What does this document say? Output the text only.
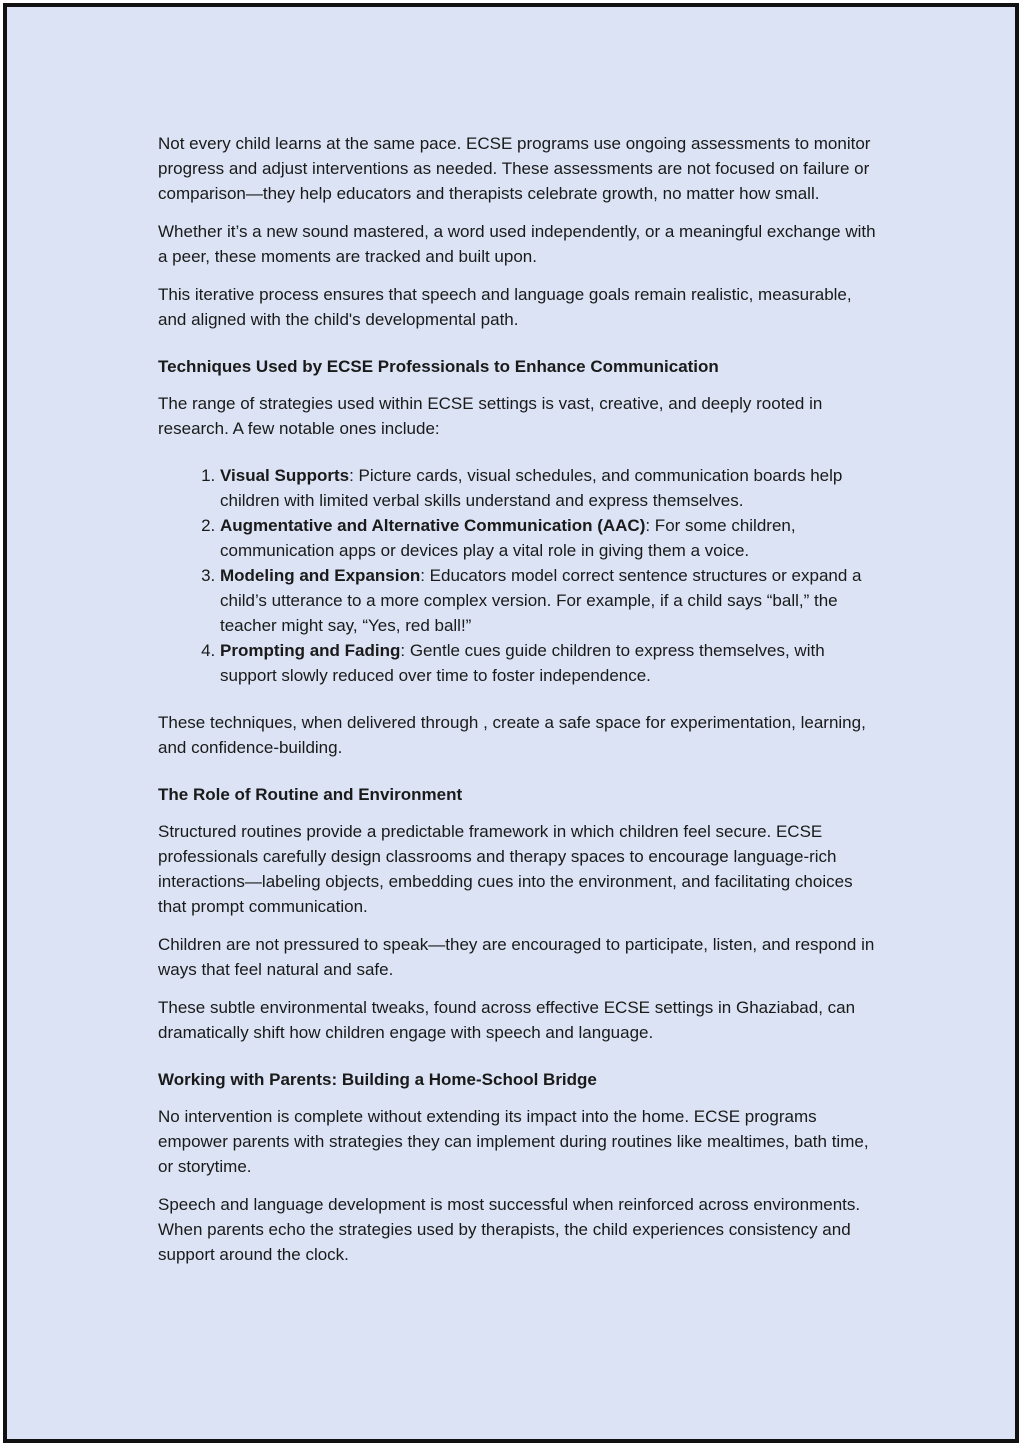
Not every child learns at the same pace. ECSE programs use ongoing assessments to monitor progress and adjust interventions as needed. These assessments are not focused on failure or comparison—they help educators and therapists celebrate growth, no matter how small.

Whether it’s a new sound mastered, a word used independently, or a meaningful exchange with a peer, these moments are tracked and built upon.

This iterative process ensures that speech and language goals remain realistic, measurable, and aligned with the child's developmental path.

Techniques Used by ECSE Professionals to Enhance Communication

The range of strategies used within ECSE settings is vast, creative, and deeply rooted in research. A few notable ones include:

1. Visual Supports: Picture cards, visual schedules, and communication boards help children with limited verbal skills understand and express themselves.
2. Augmentative and Alternative Communication (AAC): For some children, communication apps or devices play a vital role in giving them a voice.
3. Modeling and Expansion: Educators model correct sentence structures or expand a child’s utterance to a more complex version. For example, if a child says “ball,” the teacher might say, “Yes, red ball!”
4. Prompting and Fading: Gentle cues guide children to express themselves, with support slowly reduced over time to foster independence.

These techniques, when delivered through , create a safe space for experimentation, learning, and confidence-building.

The Role of Routine and Environment

Structured routines provide a predictable framework in which children feel secure. ECSE professionals carefully design classrooms and therapy spaces to encourage language-rich interactions—labeling objects, embedding cues into the environment, and facilitating choices that prompt communication.

Children are not pressured to speak—they are encouraged to participate, listen, and respond in ways that feel natural and safe.

These subtle environmental tweaks, found across effective ECSE settings in Ghaziabad, can dramatically shift how children engage with speech and language.

Working with Parents: Building a Home-School Bridge

No intervention is complete without extending its impact into the home. ECSE programs empower parents with strategies they can implement during routines like mealtimes, bath time, or storytime.

Speech and language development is most successful when reinforced across environments. When parents echo the strategies used by therapists, the child experiences consistency and support around the clock.
